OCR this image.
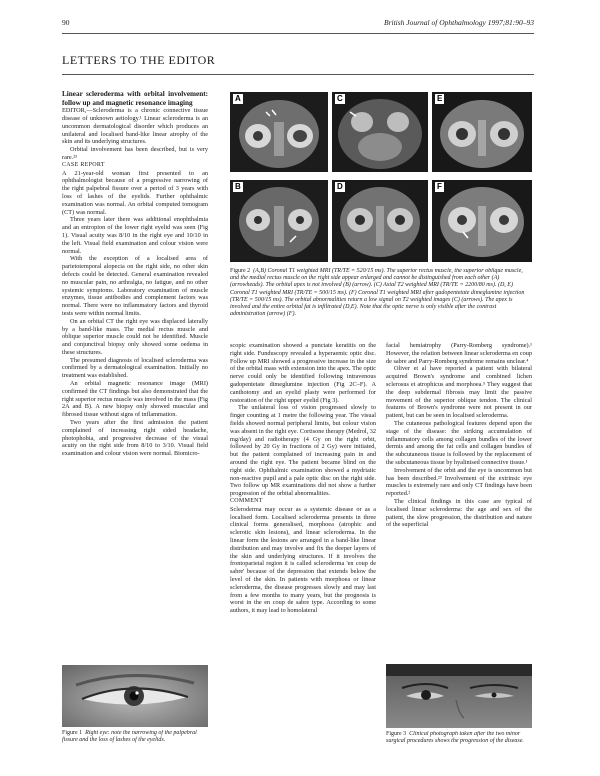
90	British Journal of Ophthalmology 1997;81:90–93
LETTERS TO THE EDITOR

Linear scleroderma with orbital involvement: follow up and magnetic resonance imaging

EDITOR,—Scleroderma is a chronic connective tissue disease of unknown aetiology.¹ Linear scleroderma is an uncommon dermatological disorder which produces an unilateral and localised band-like linear atrophy of the skin and its underlying structures.

Orbital involvement has been described, but is very rare.²³

CASE REPORT

A 21-year-old woman first presented to an ophthalmologist because of a progressive narrowing of the right palpebral fissure over a period of 3 years with loss of lashes of the eyelids. Further ophthalmic examination was normal. An orbital computed tomogram (CT) was normal.

Three years later there was additional enophthalmia and an entropion of the lower right eyelid was seen (Fig 1). Visual acuity was 8/10 in the right eye and 10/10 in the left. Visual field examination and colour vision were normal.

With the exception of a localised area of parietotemporal alopecia on the right side, no other skin defects could be detected. General examination revealed no muscular pain, no arthralgia, no fatigue, and no other systemic symptoms. Laboratory examination of muscle enzymes, tissue antibodies and complement factors was normal. There were no inflammatory factors and thyroid tests were within normal limits.

On an orbital CT the right eye was displaced laterally by a band-like mass. The medial rectus muscle and oblique superior muscle could not be identified. Muscle and conjunctival biopsy only showed some oedema in these structures.

The presumed diagnosis of localised scleroderma was confirmed by a dermatological examination. Initially no treatment was established.

An orbital magnetic resonance image (MRI) confirmed the CT findings but also demonstrated that the right superior rectus muscle was involved in the mass (Fig 2A and B). A new biopsy only showed muscular and fibrosed tissue without signs of inflammation.

Two years after the first admission the patient complained of increasing right sided headache, photophobia, and progressive decrease of the visual acuity on the right side from 8/10 to 3/10. Visual field examination and colour vision were normal. Biomicro-

Figure 1 Right eye: note the narrowing of the palpebral fissure and the loss of lashes of the eyelids.
A	C	E
B	D	F
Figure 2 (A,B) Coronal T1 weighted MRI (TR/TE = 520/15 ms). The superior rectus muscle, the superior oblique muscle, and the medial rectus muscle on the right side appear enlarged and cannot be distinguished from each other (A) (arrowheads). The orbital apex is not involved (B) (arrow). (C) Axial T2 weighted MRI (TR/TE = 2200/80 ms). (D, E) Coronal T1 weighted MRI (TR/TE = 500/15 ms). (F) Coronal T1 weighted MRI after gadopentetate dimeglumine injection (TR/TE = 500/15 ms). The orbital abnormalities return a low signal on T2 weighted images (C) (arrows). The apex is involved and the entire orbital fat is infiltrated (D,E). Note that the optic nerve is only visible after the contrast administration (arrow) (F).

scopic examination showed a punctate keratitis on the right side. Funduscopy revealed a hyperaemic optic disc. Follow up MRI showed a progressive increase in the size of the orbital mass with extension into the apex. The optic nerve could only be identified following intravenous gadopentetate dimeglumine injection (Fig 2C–F). A canthotomy and an eyelid plasty were performed for restoration of the right upper eyelid (Fig 3).

The unilateral loss of vision progressed slowly to finger counting at 1 metre the following year. The visual fields showed normal peripheral limits, but colour vision was absent in the right eye. Cortisone therapy (Medrol, 32 mg/day) and radiotherapy (4 Gy on the right orbit, followed by 20 Gy in fractions of 2 Gy) were initiated, but the patient complained of increasing pain in and around the right eye. The patient became blind on the right side. Ophthalmic examination showed a mydriatic non-reactive pupil and a pale optic disc on the right side. Two follow up MR examinations did not show a further progression of the orbital abnormalities.

COMMENT

Scleroderma may occur as a systemic disease or as a localised form. Localised scleroderma presents in three clinical forms generalised, morphoea (atrophic and sclerotic skin lesions), and linear scleroderma. In the linear form the lesions are arranged in a band-like linear distribution and may involve and fix the deeper layers of the skin and underlying structures. If it involves the frontoparietal region it is called scleroderma 'en coup de sabre' because of the depression that extends below the level of the skin. In patients with morphoea or linear scleroderma, the disease progresses slowly and may last from a few months to many years, but the prognosis is worst in the en coup de sabre type. According to some authors, it may lead to homolateral

facial hemiatrophy (Parry-Romberg syndrome).¹ However, the relation between linear scleroderma en coup de sabre and Parry-Romberg syndrome remains unclear.⁴

Oliver et al have reported a patient with bilateral acquired Brown's syndrome and combined lichen sclerosus et atrophicus and morphoea.⁵ They suggest that the deep subdermal fibrosis may limit the passive movement of the superior oblique tendon. The clinical features of Brown's syndrome were not present in our patient, but can be seen in localised scleroderma.

The cutaneous pathological features depend upon the stage of the disease: the striking accumulation of inflammatory cells among collagen bundles of the lower dermis and among the fat cells and collagen bundles of the subcutaneous tissue is followed by the replacement of the subcutaneous tissue by hyalinised connective tissue.¹

Involvement of the orbit and the eye is uncommon but has been described.²³ Involvement of the extrinsic eye muscles is extremely rare and only CT findings have been reported.²

The clinical findings in this case are typical of localised linear scleroderma: the age and sex of the patient, the slow progression, the distribution and nature of the superficial

Figure 3 Clinical photograph taken after the two minor surgical procedures shows the progression of the disease.
